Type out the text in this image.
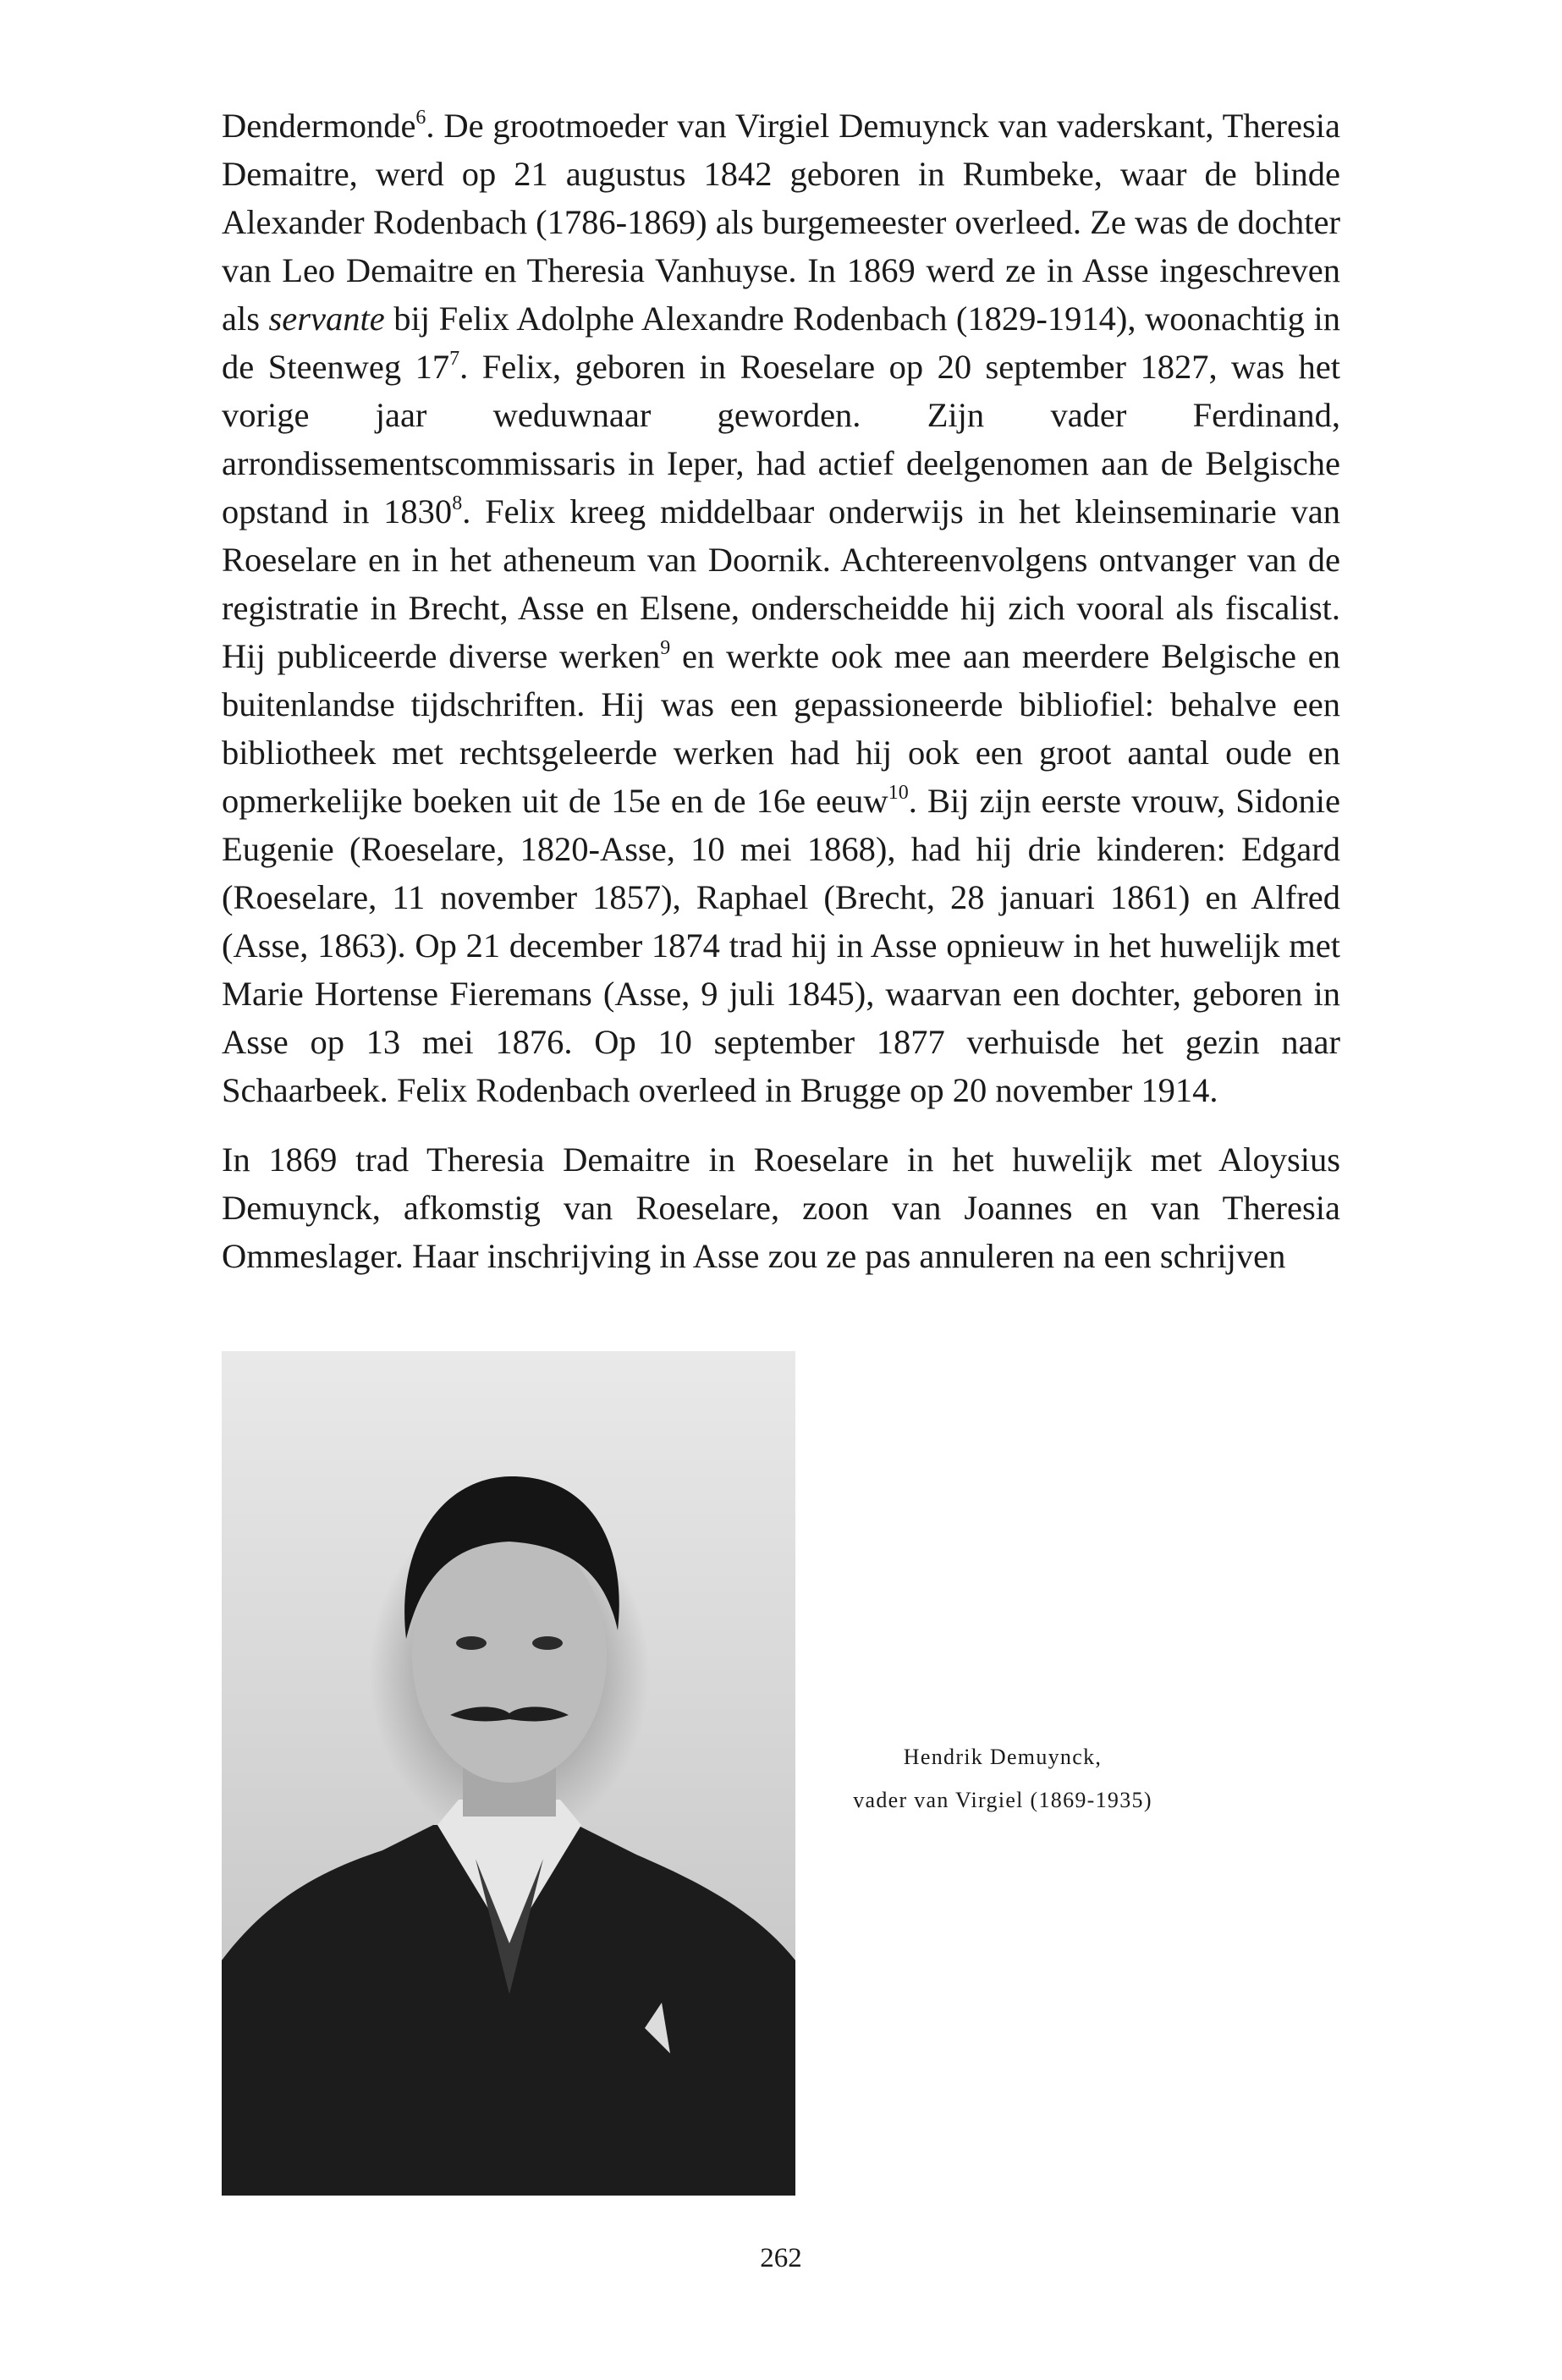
Dendermonde$^6$. De grootmoeder van Virgiel Demuynck van vaderskant, Theresia Demaitre, werd op 21 augustus 1842 geboren in Rumbeke, waar de blinde Alexander Rodenbach (1786-1869) als burgemeester overleed. Ze was de dochter van Leo Demaitre en Theresia Vanhuyse. In 1869 werd ze in Asse ingeschreven als servante bij Felix Adolphe Alexandre Rodenbach (1829-1914), woonachtig in de Steenweg $17^7$. Felix, geboren in Roeselare op 20 september 1827, was het vorige jaar weduwnaar geworden. Zijn vader Ferdinand, arrondissementscommissaris in Ieper, had actief deelgenomen aan de Belgische opstand in 1830$^8$. Felix kreeg middelbaar onderwijs in het kleinseminarie van Roeselare en in het atheneum van Doornik. Achtereenvolgens ontvanger van de registratie in Brecht, Asse en Elsene, onderscheidde hij zich vooral als fiscalist. Hij publiceerde diverse werken$^9$ en werkte ook mee aan meerdere Belgische en buitenlandse tijdschriften. Hij was een gepassioneerde bibliofiel: behalve een bibliotheek met rechtsgeleerde werken had hij ook een groot aantal oude en opmerkelijke boeken uit de 15e en de 16e eeuw$^{10}$. Bij zijn eerste vrouw, Sidonie Eugenie (Roeselare, 1820-Asse, 10 mei 1868), had hij drie kinderen: Edgard (Roeselare, 11 november 1857), Raphael (Brecht, 28 januari 1861) en Alfred (Asse, 1863). Op 21 december 1874 trad hij in Asse opnieuw in het huwelijk met Marie Hortense Fieremans (Asse, 9 juli 1845), waarvan een dochter, geboren in Asse op 13 mei 1876. Op 10 september 1877 verhuisde het gezin naar Schaarbeek. Felix Rodenbach overleed in Brugge op 20 november 1914.

In 1869 trad Theresia Demaitre in Roeselare in het huwelijk met Aloysius Demuynck, afkomstig van Roeselare, zoon van Joannes en van Theresia Ommeslager. Haar inschrijving in Asse zou ze pas annuleren na een schrijven

Hendrik Demuynck,

vader van Virgiel (1869-1935)

262
